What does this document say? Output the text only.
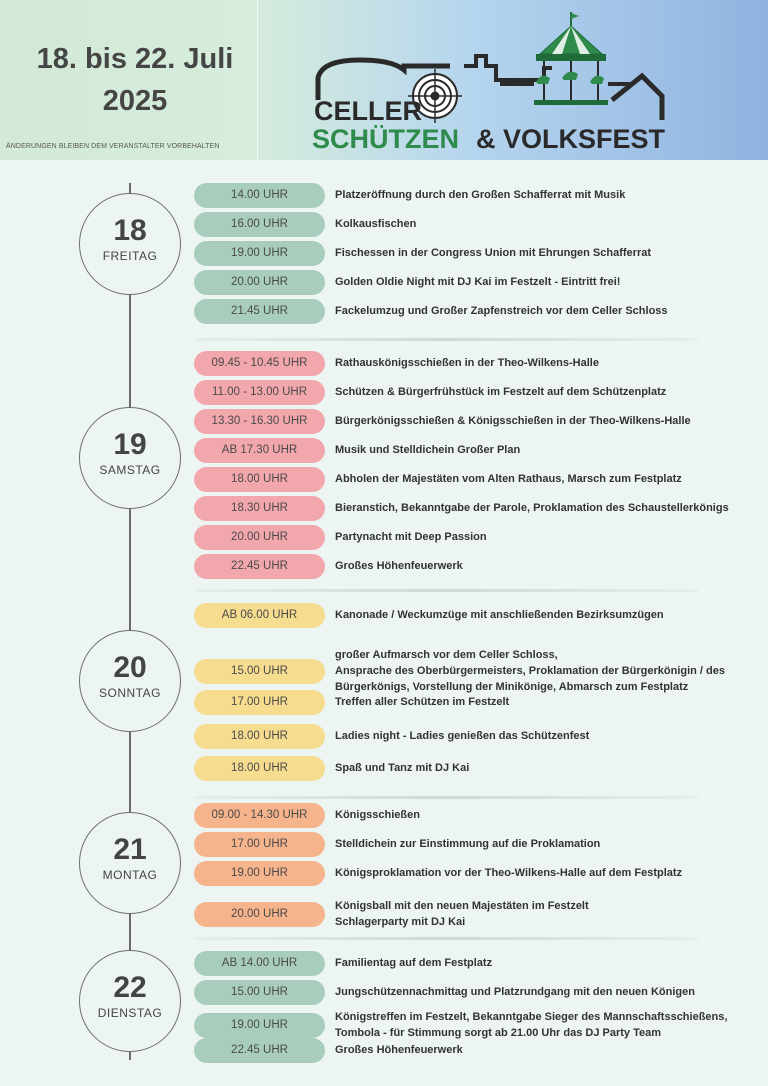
18. bis 22. Juli
2025
ÄNDERUNGEN BLEIBEN DEM VERANSTALTER VORBEHALTEN
CELLER
SCHÜTZEN & VOLKSFEST
18
FREITAG
14.00 UHR	Platzeröffnung durch den Großen Schafferrat mit Musik
16.00 UHR	Kolkausfischen
19.00 UHR	Fischessen in der Congress Union mit Ehrungen Schafferrat
20.00 UHR	Golden Oldie Night mit DJ Kai im Festzelt - Eintritt frei!
21.45 UHR	Fackelumzug und Großer Zapfenstreich vor dem Celler Schloss
19
SAMSTAG
09.45 - 10.45 UHR	Rathauskönigsschießen in der Theo-Wilkens-Halle
11.00 - 13.00 UHR	Schützen & Bürgerfrühstück im Festzelt auf dem Schützenplatz
13.30 - 16.30 UHR	Bürgerkönigsschießen & Königsschießen in der Theo-Wilkens-Halle
AB 17.30 UHR	Musik und Stelldichein Großer Plan
18.00 UHR	Abholen der Majestäten vom Alten Rathaus, Marsch zum Festplatz
18.30 UHR	Bieranstich, Bekanntgabe der Parole, Proklamation des Schaustellerkönigs
20.00 UHR	Partynacht mit Deep Passion
22.45 UHR	Großes Höhenfeuerwerk
20
SONNTAG
AB 06.00 UHR	Kanonade / Weckumzüge mit anschließenden Bezirksumzügen
15.00 UHR
großer Aufmarsch vor dem Celler Schloss,
Ansprache des Oberbürgermeisters, Proklamation der Bürgerkönigin / des
Bürgerkönigs, Vorstellung der Minikönige, Abmarsch zum Festplatz
17.00 UHR	Treffen aller Schützen im Festzelt
18.00 UHR	Ladies night - Ladies genießen das Schützenfest
18.00 UHR	Spaß und Tanz mit DJ Kai
21
MONTAG
09.00 - 14.30 UHR	Königsschießen
17.00 UHR	Stelldichein zur Einstimmung auf die Proklamation
19.00 UHR	Königsproklamation vor der Theo-Wilkens-Halle auf dem Festplatz
20.00 UHR
Königsball mit den neuen Majestäten im Festzelt
Schlagerparty mit DJ Kai
22
DIENSTAG
AB 14.00 UHR	Familientag auf dem Festplatz
15.00 UHR	Jungschützennachmittag und Platzrundgang mit den neuen Königen
19.00 UHR
Königstreffen im Festzelt, Bekanntgabe Sieger des Mannschaftsschießens,
Tombola - für Stimmung sorgt ab 21.00 Uhr das DJ Party Team
22.45 UHR	Großes Höhenfeuerwerk
